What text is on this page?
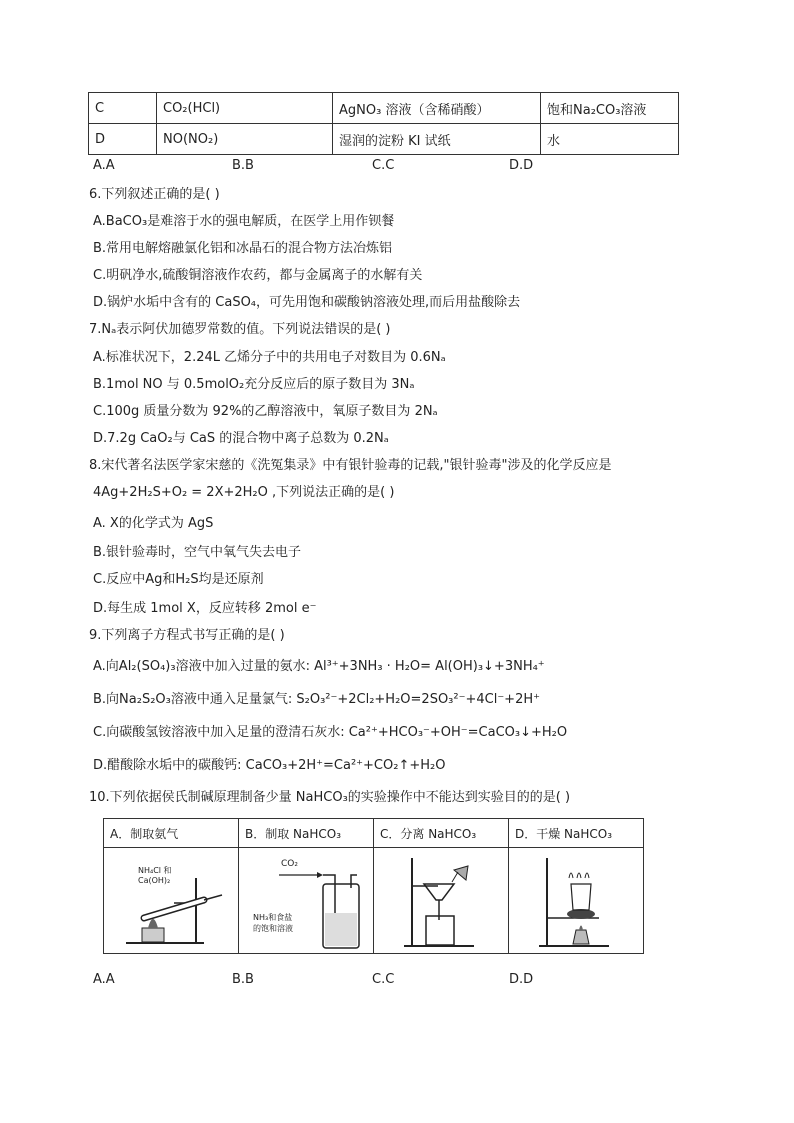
C	CO₂(HCl)	AgNO₃ 溶液（含稀硝酸）	饱和Na₂CO₃溶液
D	NO(NO₂)	湿润的淀粉 KI 试纸	水
A.A	B.B	C.C	D.D
6.下列叙述正确的是( )
A.BaCO₃是难溶于水的强电解质，在医学上用作钡餐
B.常用电解熔融氯化铝和冰晶石的混合物方法冶炼铝
C.明矾净水,硫酸铜溶液作农药，都与金属离子的水解有关
D.锅炉水垢中含有的 CaSO₄，可先用饱和碳酸钠溶液处理,而后用盐酸除去
7.Nₐ表示阿伏加德罗常数的值。下列说法错误的是( )
A.标准状况下，2.24L 乙烯分子中的共用电子对数目为 0.6Nₐ
B.1mol NO 与 0.5molO₂充分反应后的原子数目为 3Nₐ
C.100g 质量分数为 92%的乙醇溶液中，氧原子数目为 2Nₐ
D.7.2g CaO₂与 CaS 的混合物中离子总数为 0.2Nₐ
8.宋代著名法医学家宋慈的《洗冤集录》中有银针验毒的记载,"银针验毒"涉及的化学反应是
4Ag+2H₂S+O₂ = 2X+2H₂O ,下列说法正确的是( )
A. X的化学式为 AgS
B.银针验毒时，空气中氧气失去电子
C.反应中Ag和H₂S均是还原剂
D.每生成 1mol X，反应转移 2mol e⁻
9.下列离子方程式书写正确的是( )
A.向Al₂(SO₄)₃溶液中加入过量的氨水: Al³⁺+3NH₃ · H₂O= Al(OH)₃↓+3NH₄⁺
B.向Na₂S₂O₃溶液中通入足量氯气: S₂O₃²⁻+2Cl₂+H₂O=2SO₃²⁻+4Cl⁻+2H⁺
C.向碳酸氢铵溶液中加入足量的澄清石灰水: Ca²⁺+HCO₃⁻+OH⁻=CaCO₃↓+H₂O
D.醋酸除水垢中的碳酸钙: CaCO₃+2H⁺=Ca²⁺+CO₂↑+H₂O
10.下列依据侯氏制碱原理制备少量 NaHCO₃的实验操作中不能达到实验目的的是( )
A．制取氨气	B．制取 NaHCO₃	C．分离 NaHCO₃	D．干燥 NaHCO₃

NH₄Cl 和
Ca(OH)₂	CO₂
NH₃和食盐
的饱和溶液

A.A	B.B	C.C	D.D
